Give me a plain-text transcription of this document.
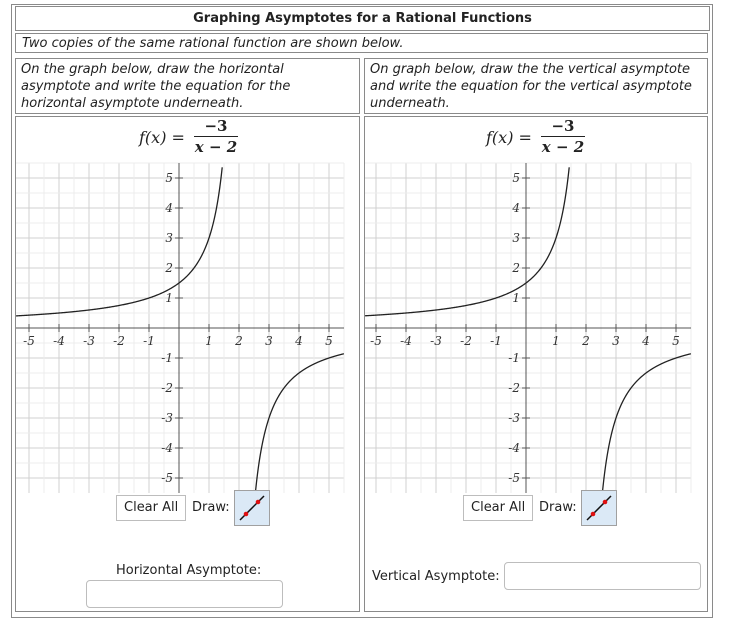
Graphing Asymptotes for a Rational Functions
Two copies of the same rational function are shown below.
On the graph below, draw the horizontal asymptote and write the equation for the horizontal asymptote underneath.
On graph below, draw the the vertical asymptote and write the equation for the vertical asymptote underneath.
f(x) =
−3
x − 2
-5 -4 -3 -2 -1	1 2 3 4 5
5
4
3
2
1
-1
-2
-3
-4
-5
Clear All	Draw:
Horizontal Asymptote:
f(x) =
−3
x − 2
-5 -4 -3 -2 -1	1 2 3 4 5
5
4
3
2
1
-1
-2
-3
-4
-5
Clear All	Draw:
Vertical Asymptote:
